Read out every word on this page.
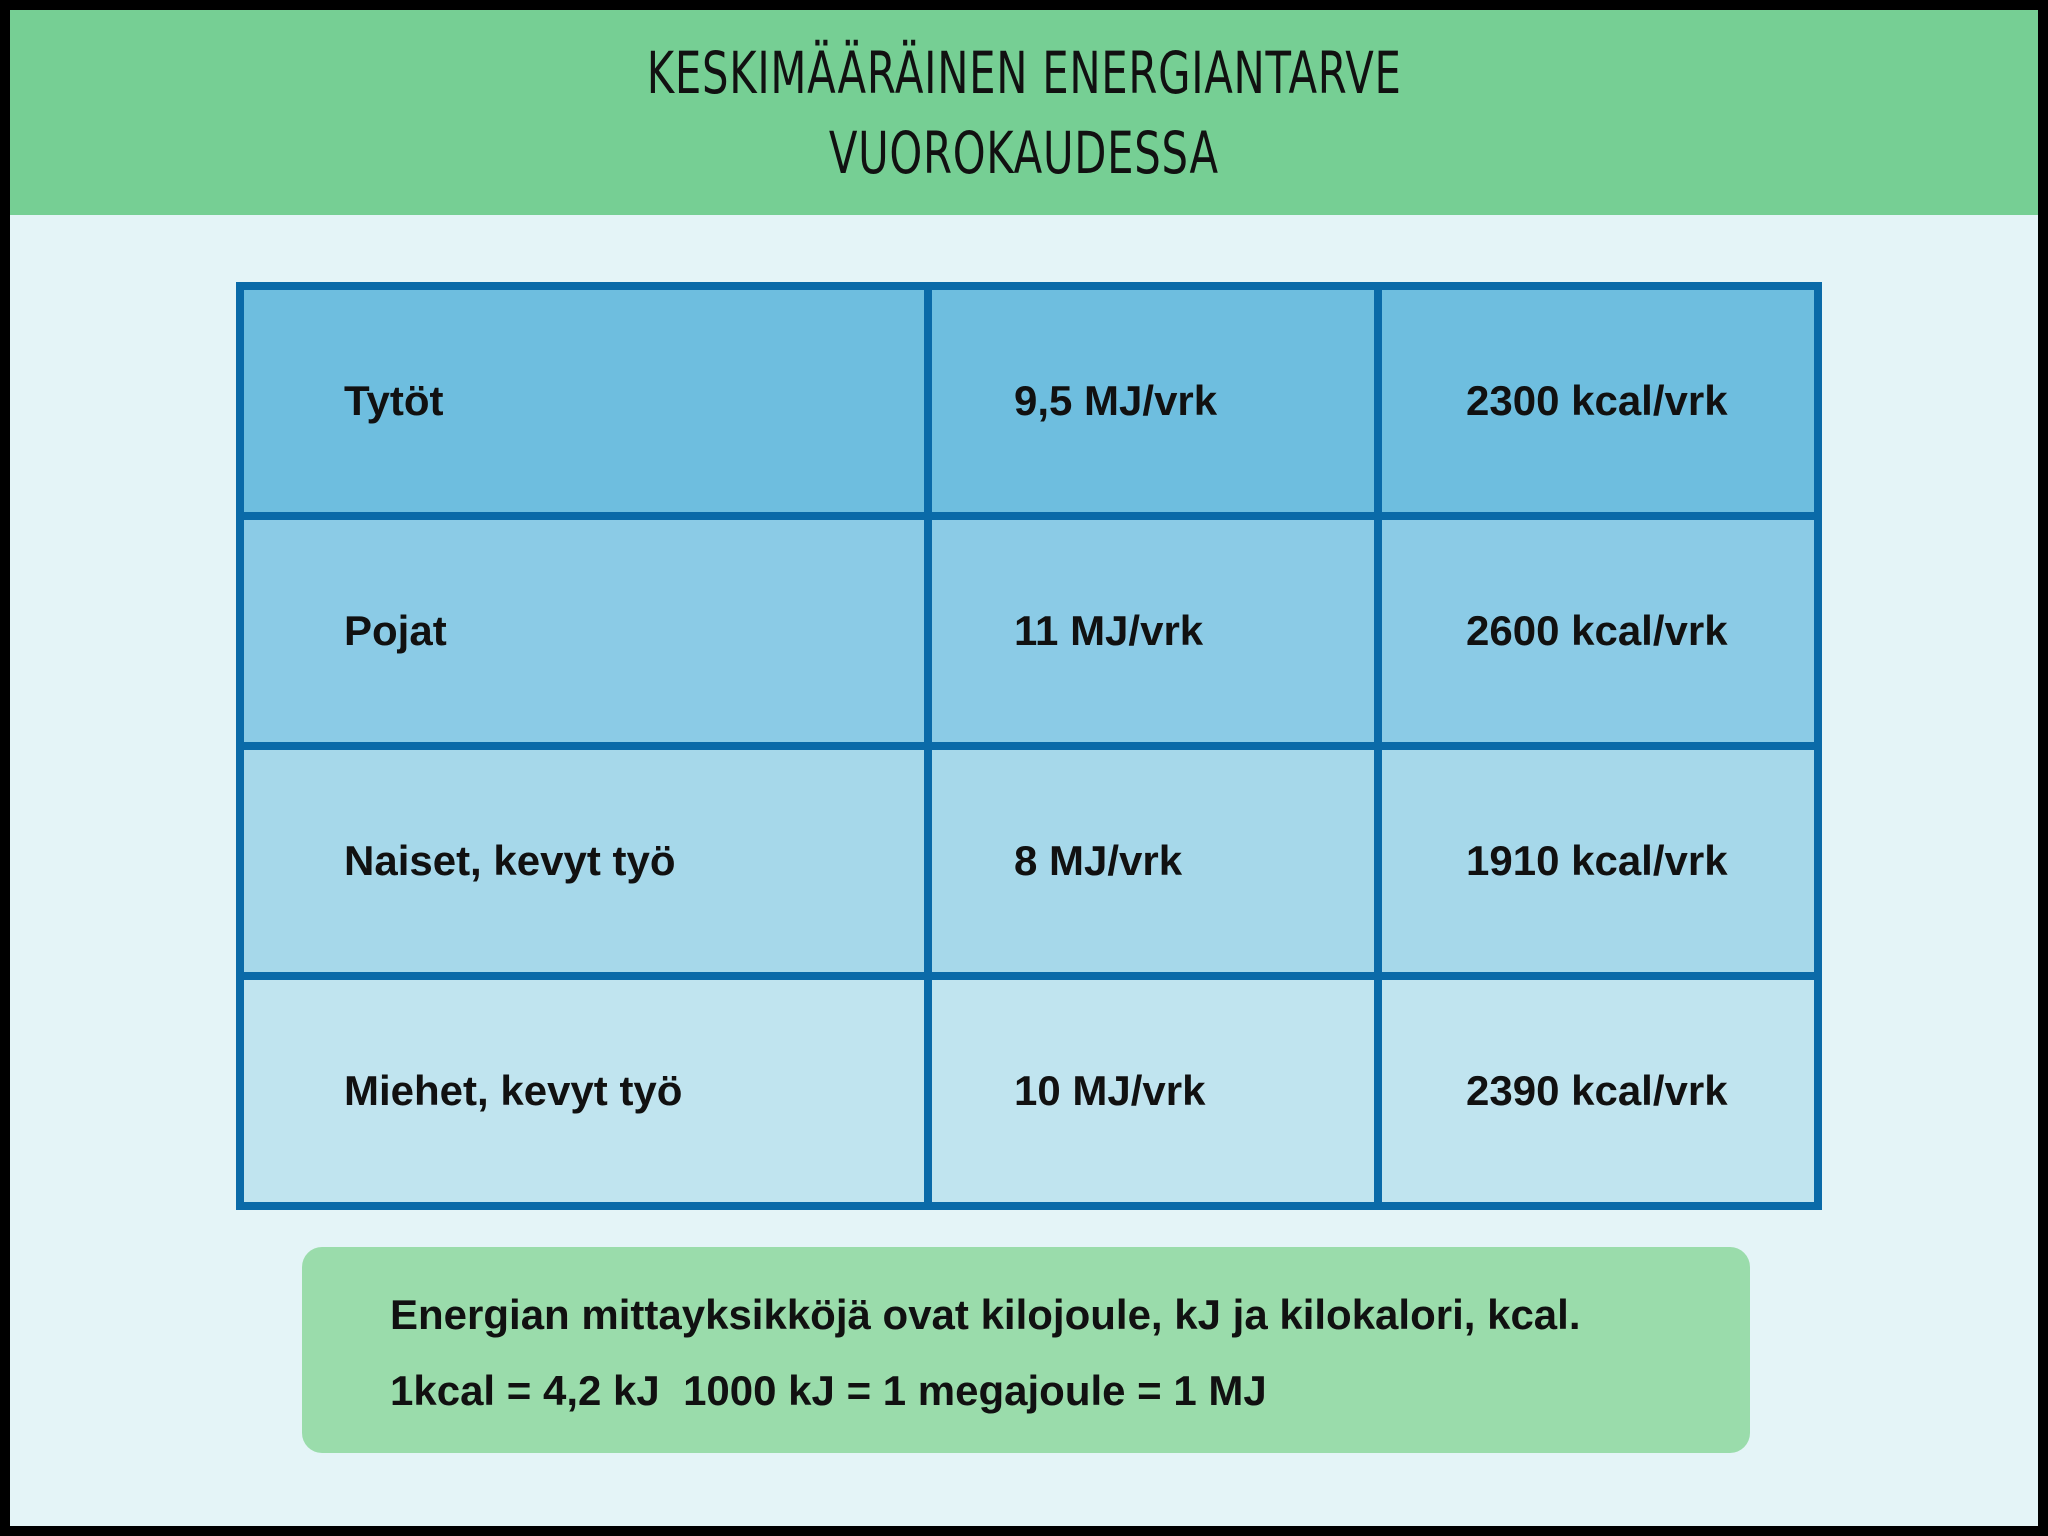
KESKIMÄÄRÄINEN ENERGIANTARVE
VUOROKAUDESSA
Tytöt	9,5 MJ/vrk	2300 kcal/vrk
Pojat	11 MJ/vrk	2600 kcal/vrk
Naiset, kevyt työ	8 MJ/vrk	1910 kcal/vrk
Miehet, kevyt työ	10 MJ/vrk	2390 kcal/vrk
Energian mittayksikköjä ovat kilojoule, kJ ja kilokalori, kcal.
1kcal = 4,2 kJ  1000 kJ = 1 megajoule = 1 MJ
